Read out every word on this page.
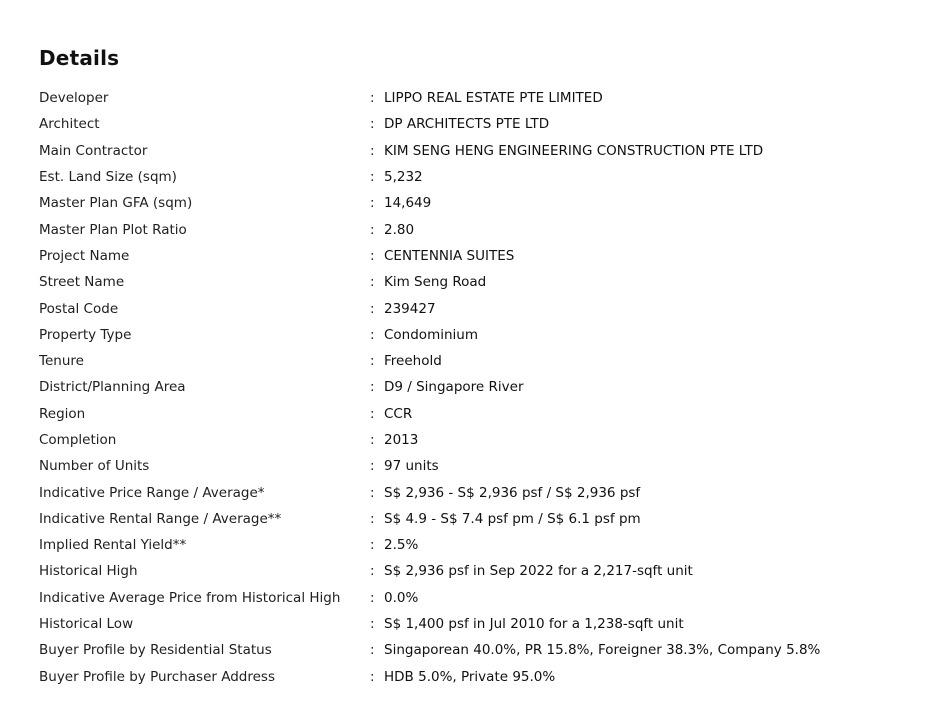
Details
Developer	: LIPPO REAL ESTATE PTE LIMITED
Architect	: DP ARCHITECTS PTE LTD
Main Contractor	: KIM SENG HENG ENGINEERING CONSTRUCTION PTE LTD
Est. Land Size (sqm)	: 5,232
Master Plan GFA (sqm)	: 14,649
Master Plan Plot Ratio	: 2.80
Project Name	: CENTENNIA SUITES
Street Name	: Kim Seng Road
Postal Code	: 239427
Property Type	: Condominium
Tenure	: Freehold
District/Planning Area	: D9 / Singapore River
Region	: CCR
Completion	: 2013
Number of Units	: 97 units
Indicative Price Range / Average*	: S$ 2,936 - S$ 2,936 psf / S$ 2,936 psf
Indicative Rental Range / Average**	: S$ 4.9 - S$ 7.4 psf pm / S$ 6.1 psf pm
Implied Rental Yield**	: 2.5%
Historical High	: S$ 2,936 psf in Sep 2022 for a 2,217-sqft unit
Indicative Average Price from Historical High	: 0.0%
Historical Low	: S$ 1,400 psf in Jul 2010 for a 1,238-sqft unit
Buyer Profile by Residential Status	: Singaporean 40.0%, PR 15.8%, Foreigner 38.3%, Company 5.8%
Buyer Profile by Purchaser Address	: HDB 5.0%, Private 95.0%
